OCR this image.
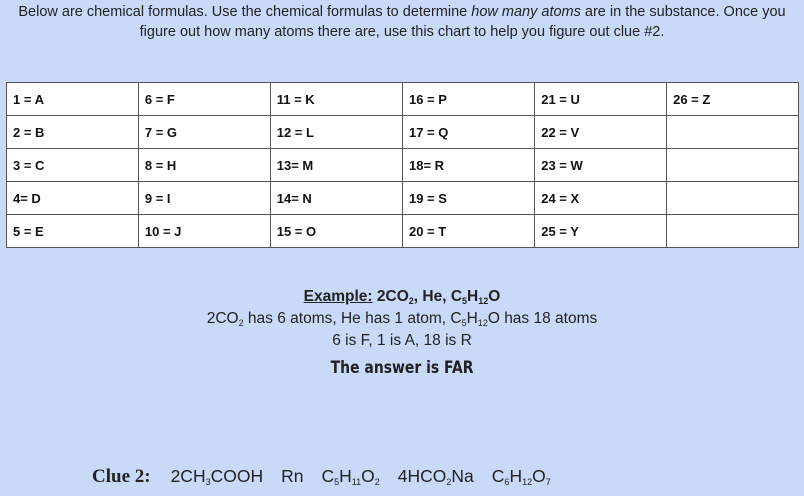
Below are chemical formulas. Use the chemical formulas to determine how many atoms are in the substance. Once you
figure out how many atoms there are, use this chart to help you figure out clue #2.
1 = A	6 = F	11 = K	16 = P	21 = U	26 = Z
2 = B	7 = G	12 = L	17 = Q	22 = V	
3 = C	8 = H	13= M	18= R	23 = W	
4= D	9 = I	14= N	19 = S	24 = X	
5 = E	10 = J	15 = O	20 = T	25 = Y	
Example: $2CO_2$, He, $C_5H_{12}O$
$2CO_2$ has 6 atoms, He has 1 atom, $C_5H_{12}O$ has 18 atoms
6 is F, 1 is A, 18 is R
The answer is FAR
Clue 2: $2CH_3COOH$ Rn $C_5H_{11}O_2$ $4HCO_2Na$ $C_6H_{12}O_7$
